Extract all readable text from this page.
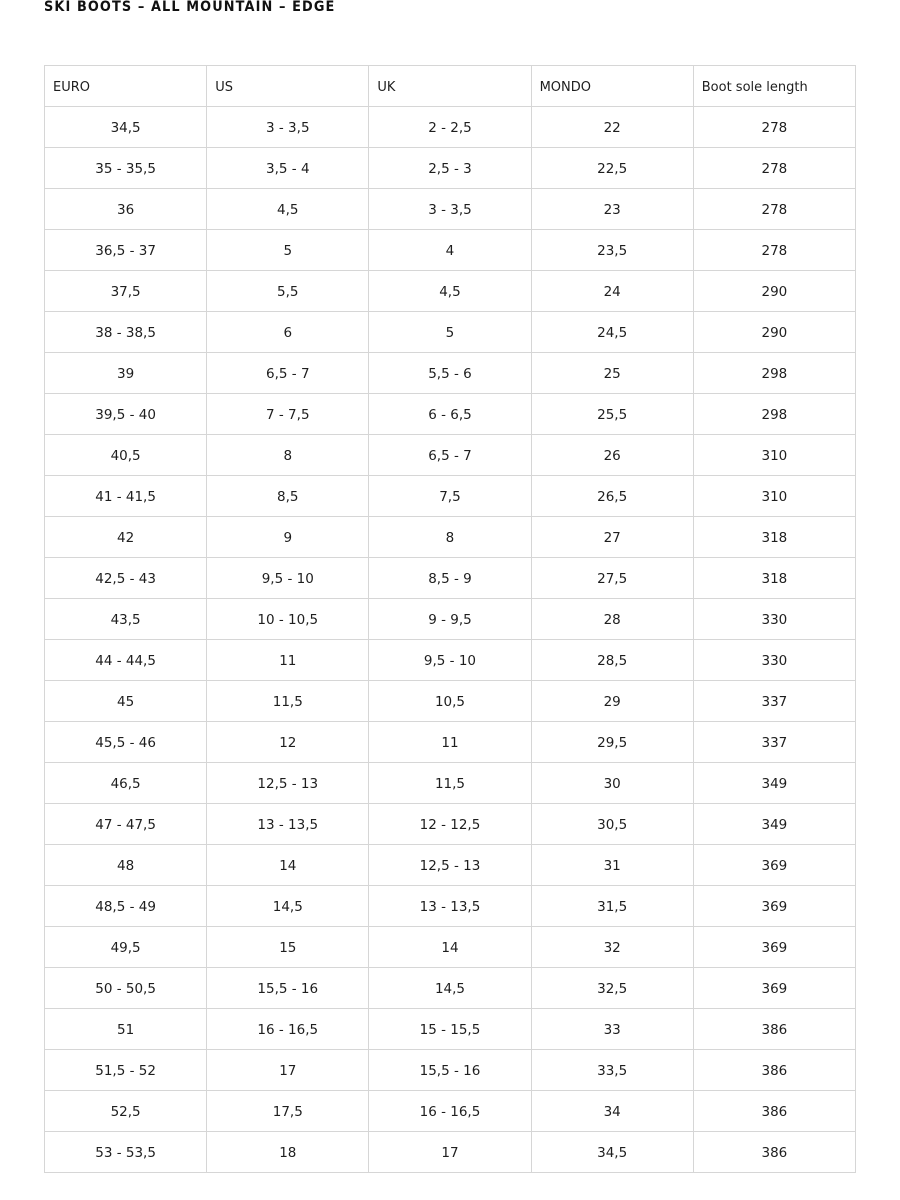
SKI BOOTS – ALL MOUNTAIN – EDGE
EURO	US	UK	MONDO	Boot sole length
34,5	3 - 3,5	2 - 2,5	22	278
35 - 35,5	3,5 - 4	2,5 - 3	22,5	278
36	4,5	3 - 3,5	23	278
36,5 - 37	5	4	23,5	278
37,5	5,5	4,5	24	290
38 - 38,5	6	5	24,5	290
39	6,5 - 7	5,5 - 6	25	298
39,5 - 40	7 - 7,5	6 - 6,5	25,5	298
40,5	8	6,5 - 7	26	310
41 - 41,5	8,5	7,5	26,5	310
42	9	8	27	318
42,5 - 43	9,5 - 10	8,5 - 9	27,5	318
43,5	10 - 10,5	9 - 9,5	28	330
44 - 44,5	11	9,5 - 10	28,5	330
45	11,5	10,5	29	337
45,5 - 46	12	11	29,5	337
46,5	12,5 - 13	11,5	30	349
47 - 47,5	13 - 13,5	12 - 12,5	30,5	349
48	14	12,5 - 13	31	369
48,5 - 49	14,5	13 - 13,5	31,5	369
49,5	15	14	32	369
50 - 50,5	15,5 - 16	14,5	32,5	369
51	16 - 16,5	15 - 15,5	33	386
51,5 - 52	17	15,5 - 16	33,5	386
52,5	17,5	16 - 16,5	34	386
53 - 53,5	18	17	34,5	386
